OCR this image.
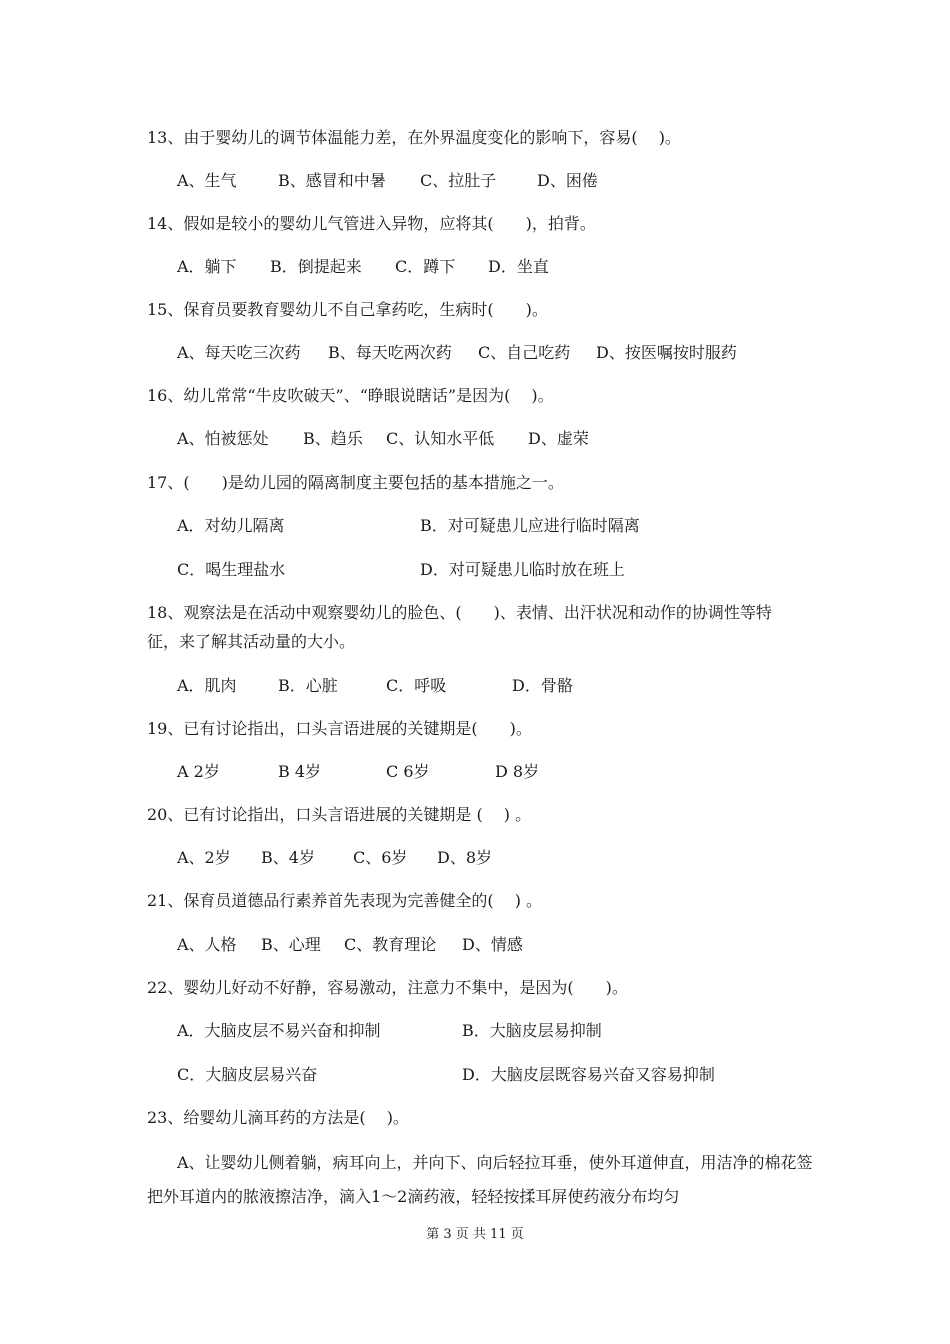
13、由于婴幼儿的调节体温能力差，在外界温度变化的影响下，容易(　 )。
A、生气	B、感冒和中暑 C、拉肚子	D、困倦
14、假如是较小的婴幼儿气管进入异物，应将其(　　)，拍背。
A．躺下 B．倒提起来 C．蹲下 D．坐直
15、保育员要教育婴幼儿不自己拿药吃，生病时(　　)。
A、每天吃三次药 B、每天吃两次药 C、自己吃药 D、按医嘱按时服药
16、幼儿常常“牛皮吹破天”、“睁眼说瞎话”是因为(　 )。
A、怕被惩处 B、趋乐 C、认知水平低 D、虚荣
17、(　　)是幼儿园的隔离制度主要包括的基本措施之一。
A．对幼儿隔离	B．对可疑患儿应进行临时隔离
C．喝生理盐水	D．对可疑患儿临时放在班上
18、观察法是在活动中观察婴幼儿的脸色、(　　)、表情、出汗状况和动作的协调性等特
征，来了解其活动量的大小。
A．肌肉	B．心脏	C．呼吸	D．骨骼
19、已有讨论指出，口头言语进展的关键期是(　　)。
A 2岁	B 4岁	C 6岁	D 8岁
20、已有讨论指出，口头言语进展的关键期是 (　 ) 。
A、2岁 B、4岁 C、6岁 D、8岁
21、保育员道德品行素养首先表现为完善健全的(　 ) 。
A、人格 B、心理 C、教育理论 D、情感
22、婴幼儿好动不好静，容易激动，注意力不集中，是因为(　　)。
A．大脑皮层不易兴奋和抑制	B．大脑皮层易抑制
C．大脑皮层易兴奋	D．大脑皮层既容易兴奋又容易抑制
23、给婴幼儿滴耳药的方法是(　 )。
A、让婴幼儿侧着躺，病耳向上，并向下、向后轻拉耳垂，使外耳道伸直，用洁净的棉花签把外耳道内的脓液擦洁净，滴入1～2滴药液，轻轻按揉耳屏使药液分布均匀
第 3 页 共 11 页
